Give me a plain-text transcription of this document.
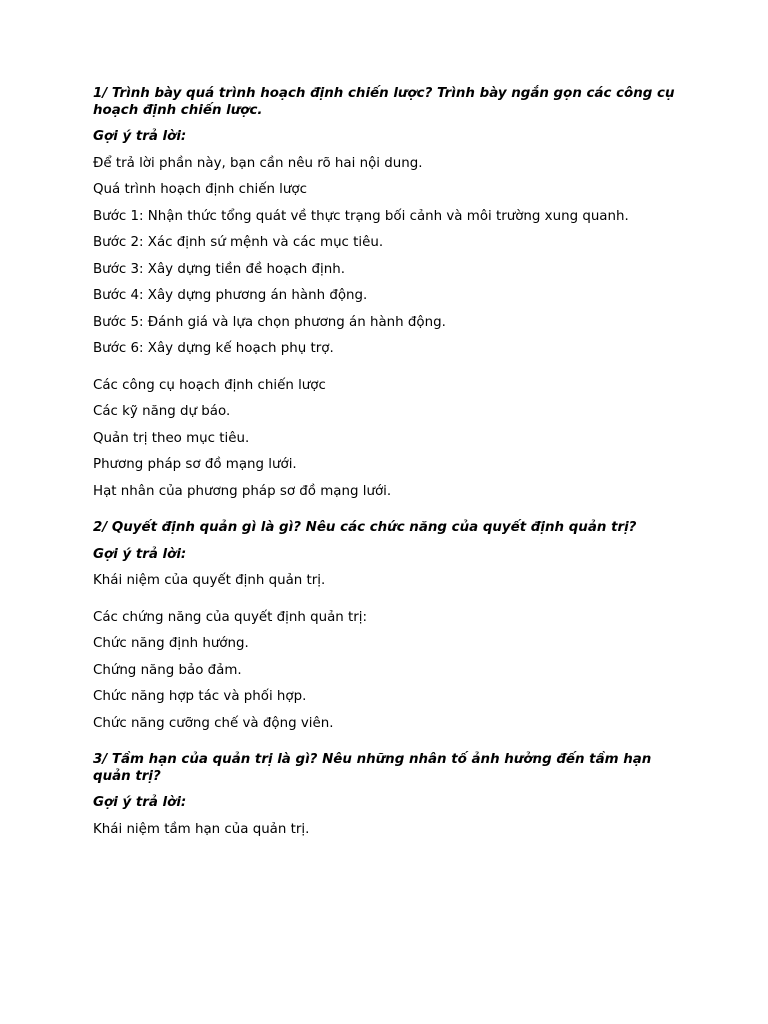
1/ Trình bày quá trình hoạch định chiến lược? Trình bày ngắn gọn các công cụ hoạch định chiến lược.

Gợi ý trả lời:

Để trả lời phần này, bạn cần nêu rõ hai nội dung.

Quá trình hoạch định chiến lược

Bước 1: Nhận thức tổng quát về thực trạng bối cảnh và môi trường xung quanh.

Bước 2: Xác định sứ mệnh và các mục tiêu.

Bước 3: Xây dựng tiền đề hoạch định.

Bước 4: Xây dựng phương án hành động.

Bước 5: Đánh giá và lựa chọn phương án hành động.

Bước 6: Xây dựng kế hoạch phụ trợ.

Các công cụ hoạch định chiến lược

Các kỹ năng dự báo.

Quản trị theo mục tiêu.

Phương pháp sơ đồ mạng lưới.

Hạt nhân của phương pháp sơ đồ mạng lưới.

2/ Quyết định quản gì là gì? Nêu các chức năng của quyết định quản trị?

Gợi ý trả lời:

Khái niệm của quyết định quản trị.

Các chứng năng của quyết định quản trị:

Chức năng định hướng.

Chứng năng bảo đảm.

Chức năng hợp tác và phối hợp.

Chức năng cưỡng chế và động viên.

3/ Tầm hạn của quản trị là gì? Nêu những nhân tố ảnh hưởng đến tầm hạn quản trị?

Gợi ý trả lời:

Khái niệm tầm hạn của quản trị.
